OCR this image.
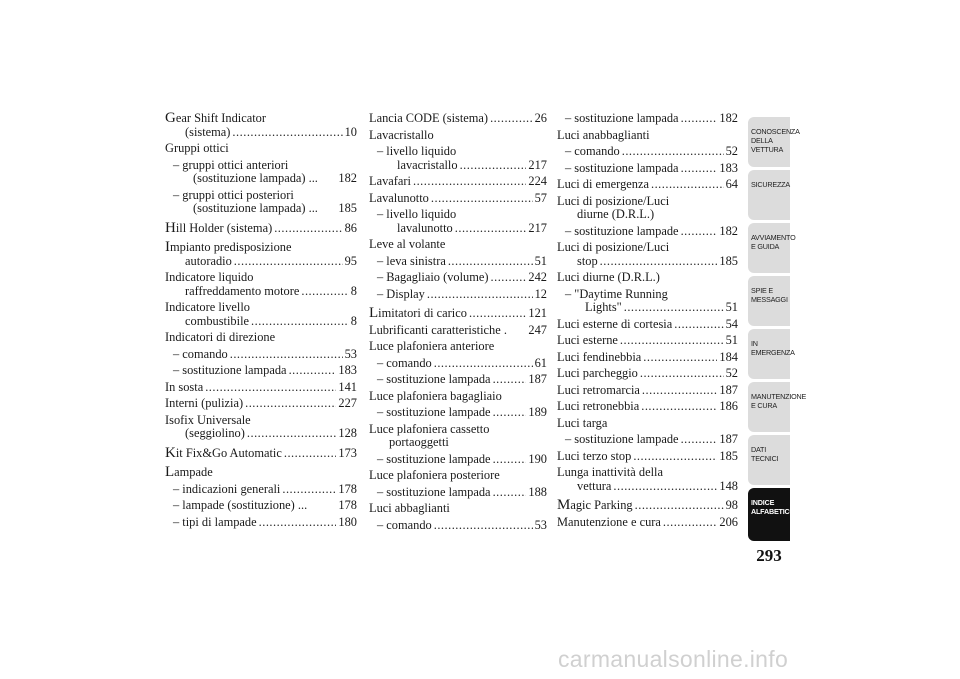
Gear Shift Indicator
(sistema) .....	10
Gruppi ottici
– gruppi ottici anteriori
(sostituzione lampada) ... 182
– gruppi ottici posteriori
(sostituzione lampada) ... 185
Hill Holder (sistema) .....	86
Impianto predisposizione
autoradio .....	95
Indicatore liquido
raffreddamento motore .....	8
Indicatore livello
combustibile .....	8
Indicatori di direzione
– comando .....	53
– sostituzione lampada .....	183
In sosta .....	141
Interni (pulizia) .....	227
Isofix Universale
(seggiolino) .....	128
Kit Fix&Go Automatic .....	173
Lampade
– indicazioni generali .....	178
– lampade (sostituzione) ...	178
– tipi di lampade .....	180
Lancia CODE (sistema) .....	26
Lavacristallo
– livello liquido
lavacristallo .....	217
Lavafari .....	224
Lavalunotto .....	57
– livello liquido
lavalunotto .....	217
Leve al volante
– leva sinistra .....	51
– Bagagliaio (volume) .....	242
– Display .....	12
Limitatori di carico .....	121
Lubrificanti caratteristiche . 247
Luce plafoniera anteriore
– comando .....	61
– sostituzione lampada .....	187
Luce plafoniera bagagliaio
– sostituzione lampade .....	189
Luce plafoniera cassetto
portaoggetti
– sostituzione lampade .....	190
Luce plafoniera posteriore
– sostituzione lampada .....	188
Luci abbaglianti
– comando .....	53
– sostituzione lampada .....	182
Luci anabbaglianti
– comando .....	52
– sostituzione lampada .....	183
Luci di emergenza .....	64
Luci di posizione/Luci
diurne (D.R.L.)
– sostituzione lampade .....	182
Luci di posizione/Luci
stop .....	185
Luci diurne (D.R.L.)
– "Daytime Running
Lights" .....	51
Luci esterne di cortesia .....	54
Luci esterne .....	51
Luci fendinebbia .....	184
Luci parcheggio .....	52
Luci retromarcia .....	187
Luci retronebbia .....	186
Luci targa
– sostituzione lampade .....	187
Luci terzo stop .....	185
Lunga inattività della
vettura .....	148
Magic Parking .....	98
Manutenzione e cura .....	206
CONOSCENZA DELLA VETTURA
SICUREZZA
AVVIAMENTO E GUIDA
SPIE E MESSAGGI
IN EMERGENZA
MANUTENZIONE E CURA
DATI TECNICI
INDICE ALFABETICO
293
carmanualsonline.info
